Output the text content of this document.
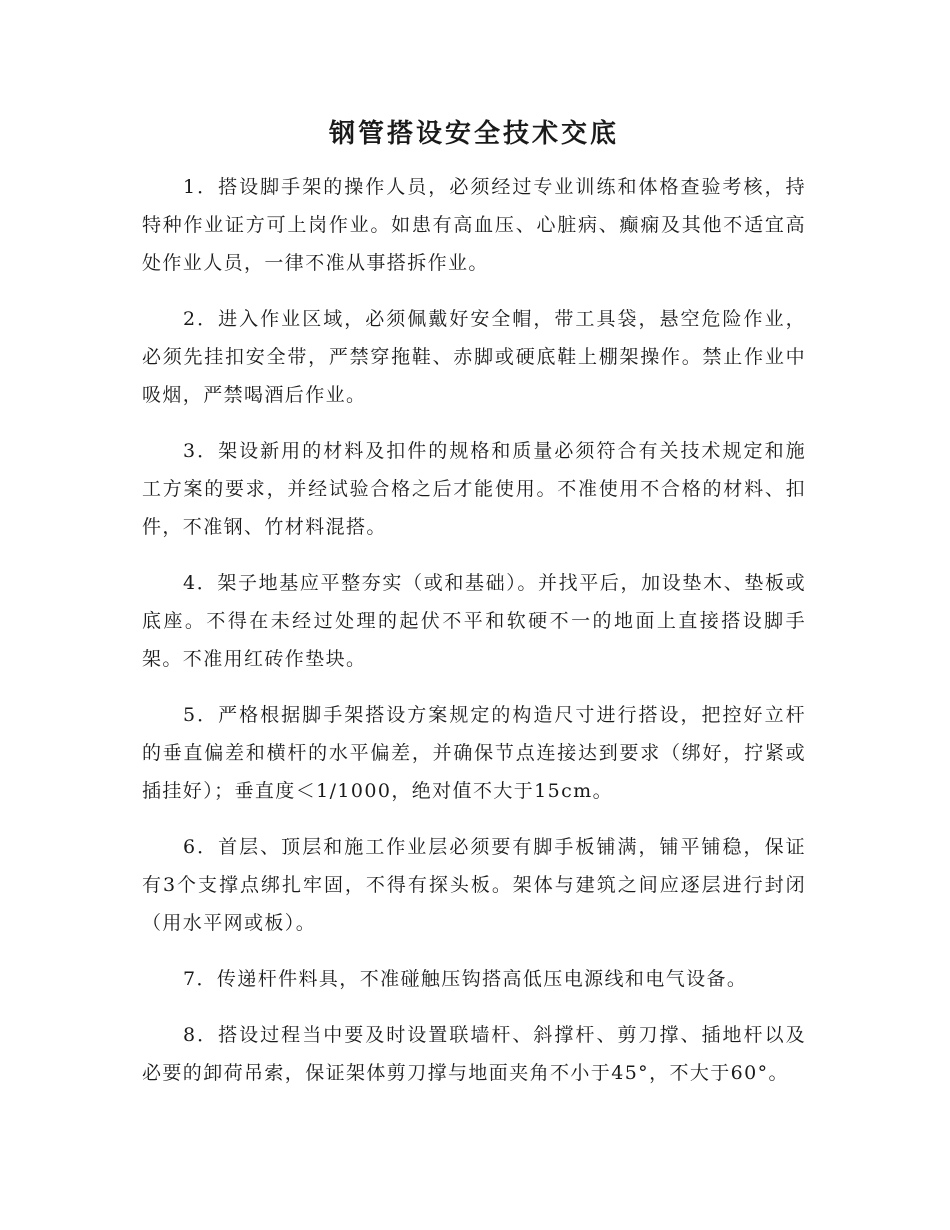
钢管搭设安全技术交底

1．搭设脚手架的操作人员，必须经过专业训练和体格查验考核，持特种作业证方可上岗作业。如患有高血压、心脏病、癫痫及其他不适宜高处作业人员，一律不准从事搭拆作业。

2．进入作业区域，必须佩戴好安全帽，带工具袋，悬空危险作业，必须先挂扣安全带，严禁穿拖鞋、赤脚或硬底鞋上棚架操作。禁止作业中吸烟，严禁喝酒后作业。

3．架设新用的材料及扣件的规格和质量必须符合有关技术规定和施工方案的要求，并经试验合格之后才能使用。不准使用不合格的材料、扣件，不准钢、竹材料混搭。

4．架子地基应平整夯实（或和基础）。并找平后，加设垫木、垫板或底座。不得在未经过处理的起伏不平和软硬不一的地面上直接搭设脚手架。不准用红砖作垫块。

5．严格根据脚手架搭设方案规定的构造尺寸进行搭设，把控好立杆的垂直偏差和横杆的水平偏差，并确保节点连接达到要求（绑好，拧紧或插挂好）；垂直度＜1/1000，绝对值不大于15cm。

6．首层、顶层和施工作业层必须要有脚手板铺满，铺平铺稳，保证有3个支撑点绑扎牢固，不得有探头板。架体与建筑之间应逐层进行封闭（用水平网或板）。

7．传递杆件料具，不准碰触压钩搭高低压电源线和电气设备。

8．搭设过程当中要及时设置联墙杆、斜撑杆、剪刀撑、插地杆以及必要的卸荷吊索，保证架体剪刀撑与地面夹角不小于45°，不大于60°。
